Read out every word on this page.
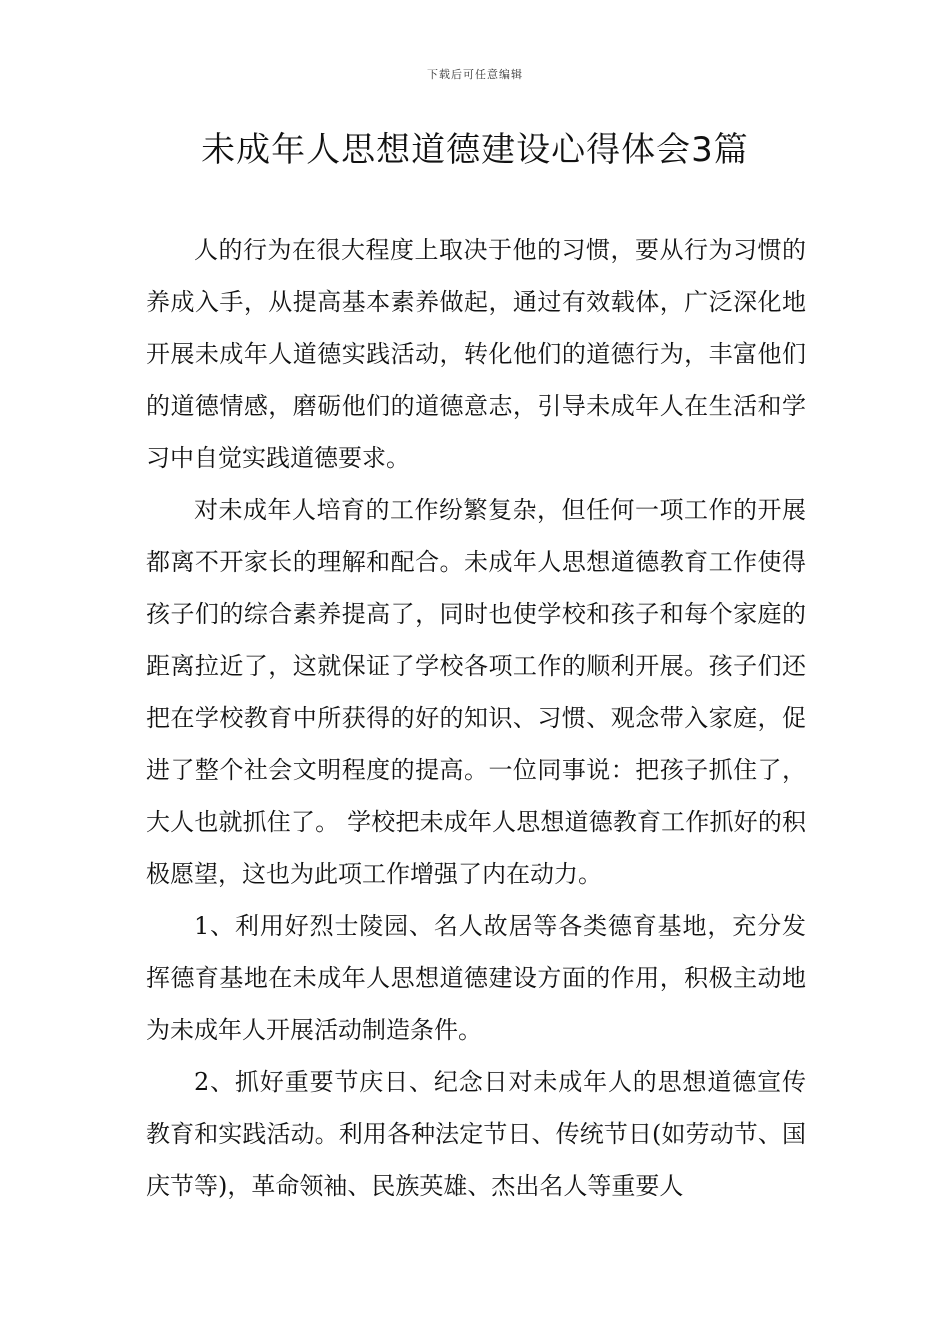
下载后可任意编辑
未成年人思想道德建设心得体会3篇

人的行为在很大程度上取决于他的习惯，要从行为习惯的养成入手，从提高基本素养做起，通过有效载体，广泛深化地开展未成年人道德实践活动，转化他们的道德行为，丰富他们的道德情感，磨砺他们的道德意志，引导未成年人在生活和学习中自觉实践道德要求。

对未成年人培育的工作纷繁复杂，但任何一项工作的开展都离不开家长的理解和配合。未成年人思想道德教育工作使得孩子们的综合素养提高了，同时也使学校和孩子和每个家庭的距离拉近了，这就保证了学校各项工作的顺利开展。孩子们还把在学校教育中所获得的好的知识、习惯、观念带入家庭，促进了整个社会文明程度的提高。一位同事说：把孩子抓住了，大人也就抓住了。 学校把未成年人思想道德教育工作抓好的积极愿望，这也为此项工作增强了内在动力。

1、利用好烈士陵园、名人故居等各类德育基地，充分发挥德育基地在未成年人思想道德建设方面的作用，积极主动地为未成年人开展活动制造条件。

2、抓好重要节庆日、纪念日对未成年人的思想道德宣传教育和实践活动。利用各种法定节日、传统节日(如劳动节、国庆节等)，革命领袖、民族英雄、杰出名人等重要人
